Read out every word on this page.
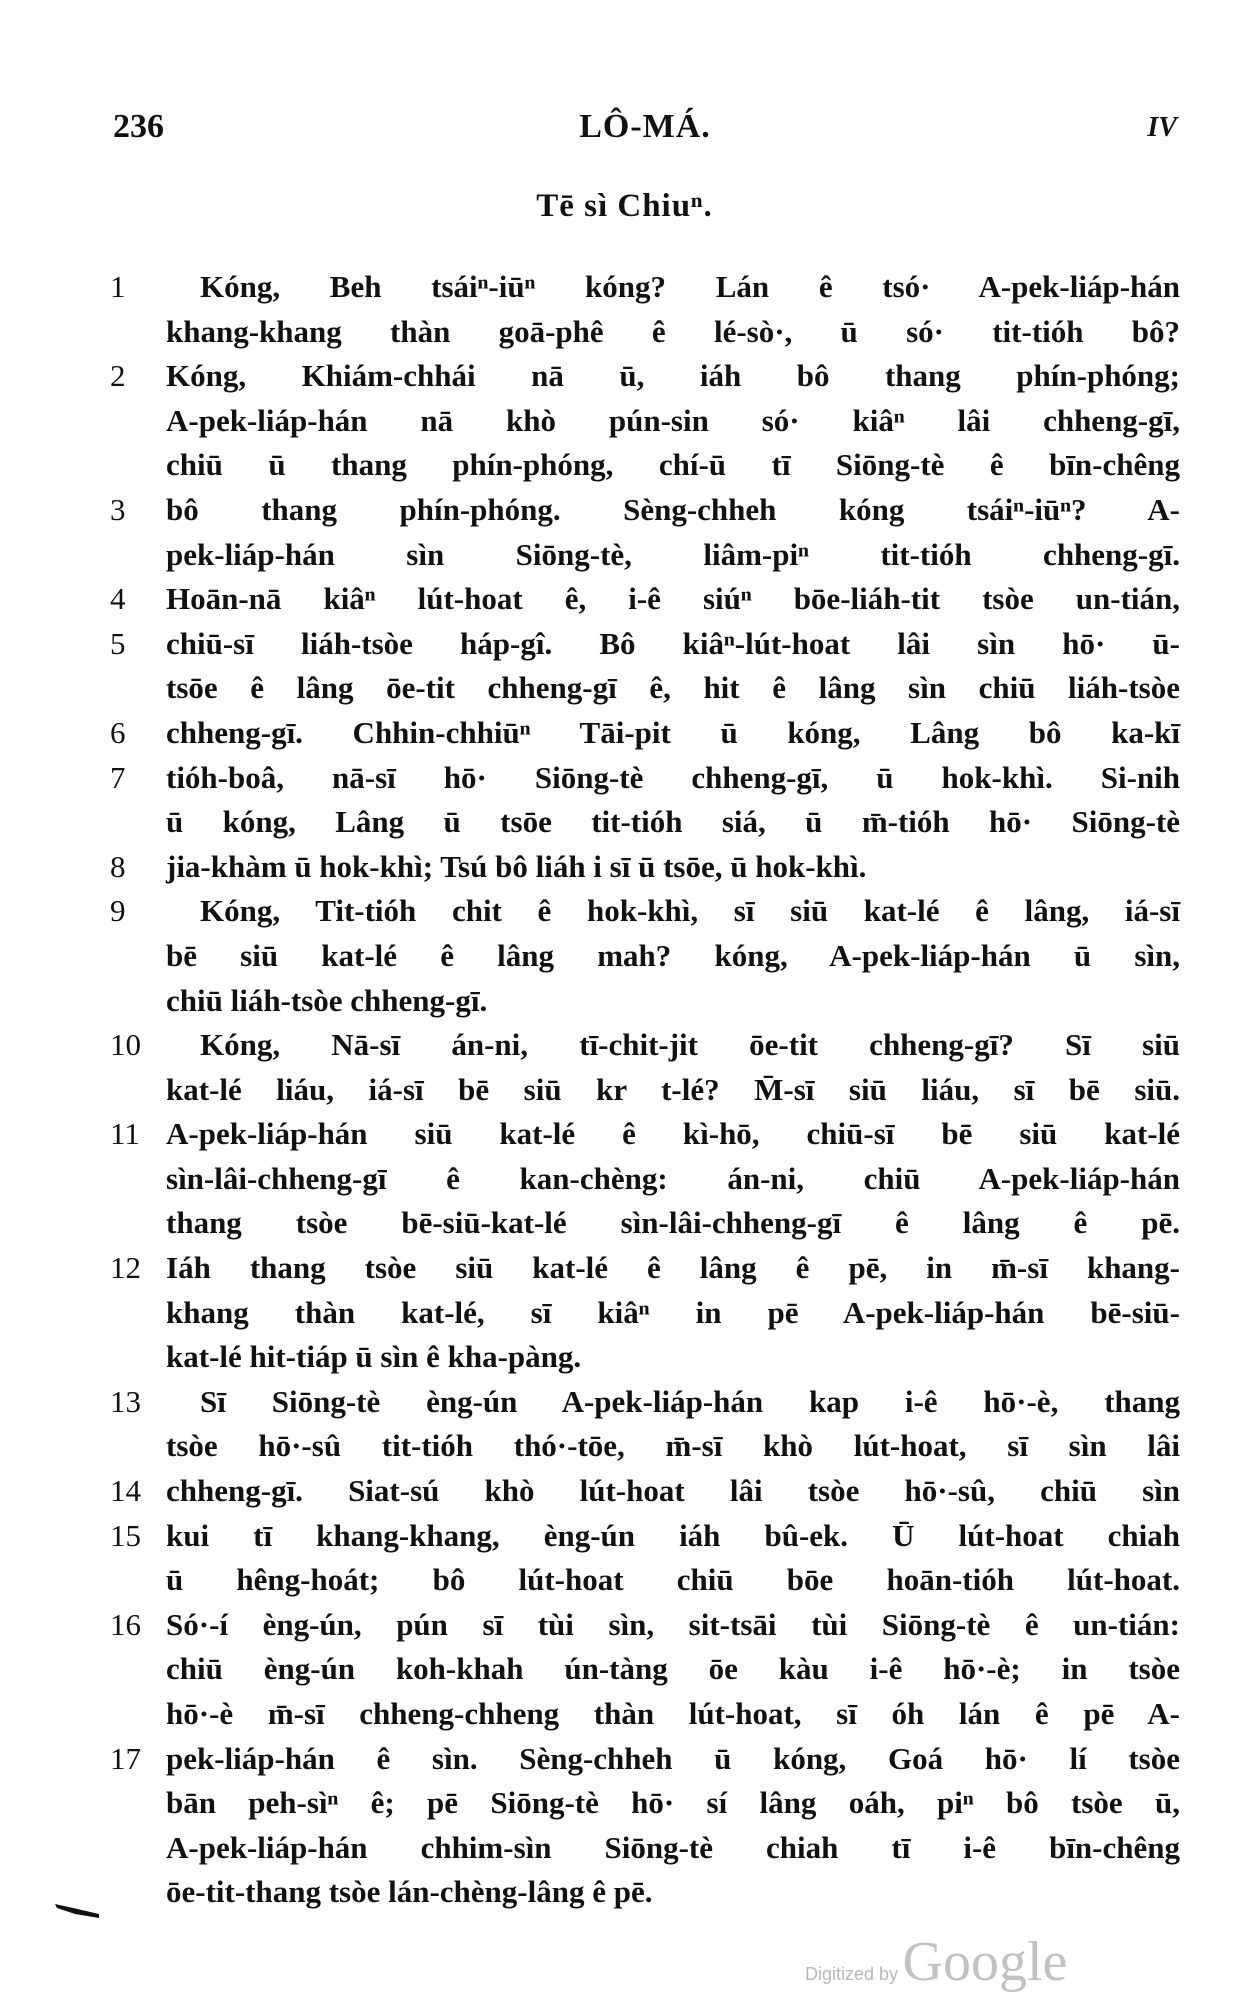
236	LÔ-MÁ.	IV
Tē sì Chiuⁿ.
1	Kóng, Beh tsáiⁿ-iūⁿ kóng? Lán ê tsó· A-pek-liáp-hán
khang-khang thàn goā-phê ê lé-sò·, ū só· tit-tióh bô?
2	Kóng, Khiám-chhái nā ū, iáh bô thang phín-phóng;
A-pek-liáp-hán nā khò pún-sin só· kiâⁿ lâi chheng-gī,
chiū ū thang phín-phóng, chí-ū tī Siōng-tè ê bīn-chêng
3	bô thang phín-phóng. Sèng-chheh kóng tsáiⁿ-iūⁿ? A-
pek-liáp-hán sìn Siōng-tè, liâm-piⁿ tit-tióh chheng-gī.
4	Hoān-nā kiâⁿ lút-hoat ê, i-ê siúⁿ bōe-liáh-tit tsòe un-tián,
5	chiū-sī liáh-tsòe háp-gî. Bô kiâⁿ-lút-hoat lâi sìn hō· ū-
tsōe ê lâng ōe-tit chheng-gī ê, hit ê lâng sìn chiū liáh-tsòe
6	chheng-gī. Chhin-chhiūⁿ Tāi-pit ū kóng, Lâng bô ka-kī
7	tióh-boâ, nā-sī hō· Siōng-tè chheng-gī, ū hok-khì. Si-nih
ū kóng, Lâng ū tsōe tit-tióh siá, ū m̄-tióh hō· Siōng-tè
8	jia-khàm ū hok-khì; Tsú bô liáh i sī ū tsōe, ū hok-khì.
9	Kóng, Tit-tióh chit ê hok-khì, sī siū kat-lé ê lâng, iá-sī
bē siū kat-lé ê lâng mah? kóng, A-pek-liáp-hán ū sìn,
chiū liáh-tsòe chheng-gī.
10	Kóng, Nā-sī án-ni, tī-chit-jit ōe-tit chheng-gī? Sī siū
kat-lé liáu, iá-sī bē siū kr t-lé? M̄-sī siū liáu, sī bē siū.
11 A-pek-liáp-hán siū kat-lé ê kì-hō, chiū-sī bē siū kat-lé
sìn-lâi-chheng-gī ê kan-chèng: án-ni, chiū A-pek-liáp-hán
thang tsòe bē-siū-kat-lé sìn-lâi-chheng-gī ê lâng ê pē.
12 Iáh thang tsòe siū kat-lé ê lâng ê pē, in m̄-sī khang-
khang thàn kat-lé, sī kiâⁿ in pē A-pek-liáp-hán bē-siū-
kat-lé hit-tiáp ū sìn ê kha-pàng.
13	Sī Siōng-tè èng-ún A-pek-liáp-hán kap i-ê hō·-è, thang
tsòe hō·-sû tit-tióh thó·-tōe, m̄-sī khò lút-hoat, sī sìn lâi
14 chheng-gī. Siat-sú khò lút-hoat lâi tsòe hō·-sû, chiū sìn
15 kui tī khang-khang, èng-ún iáh bû-ek. Ū lút-hoat chiah
ū hêng-hoát; bô lút-hoat chiū bōe hoān-tióh lút-hoat.
16 Só·-í èng-ún, pún sī tùi sìn, sit-tsāi tùi Siōng-tè ê un-tián:
chiū èng-ún koh-khah ún-tàng ōe kàu i-ê hō·-è; in tsòe
hō·-è m̄-sī chheng-chheng thàn lút-hoat, sī óh lán ê pē A-
17 pek-liáp-hán ê sìn. Sèng-chheh ū kóng, Goá hō· lí tsòe
bān peh-sìⁿ ê; pē Siōng-tè hō· sí lâng oáh, piⁿ bô tsòe ū,
A-pek-liáp-hán chhim-sìn Siōng-tè chiah tī i-ê bīn-chêng
ōe-tit-thang tsòe lán-chèng-lâng ê pē.
Digitized by Google
